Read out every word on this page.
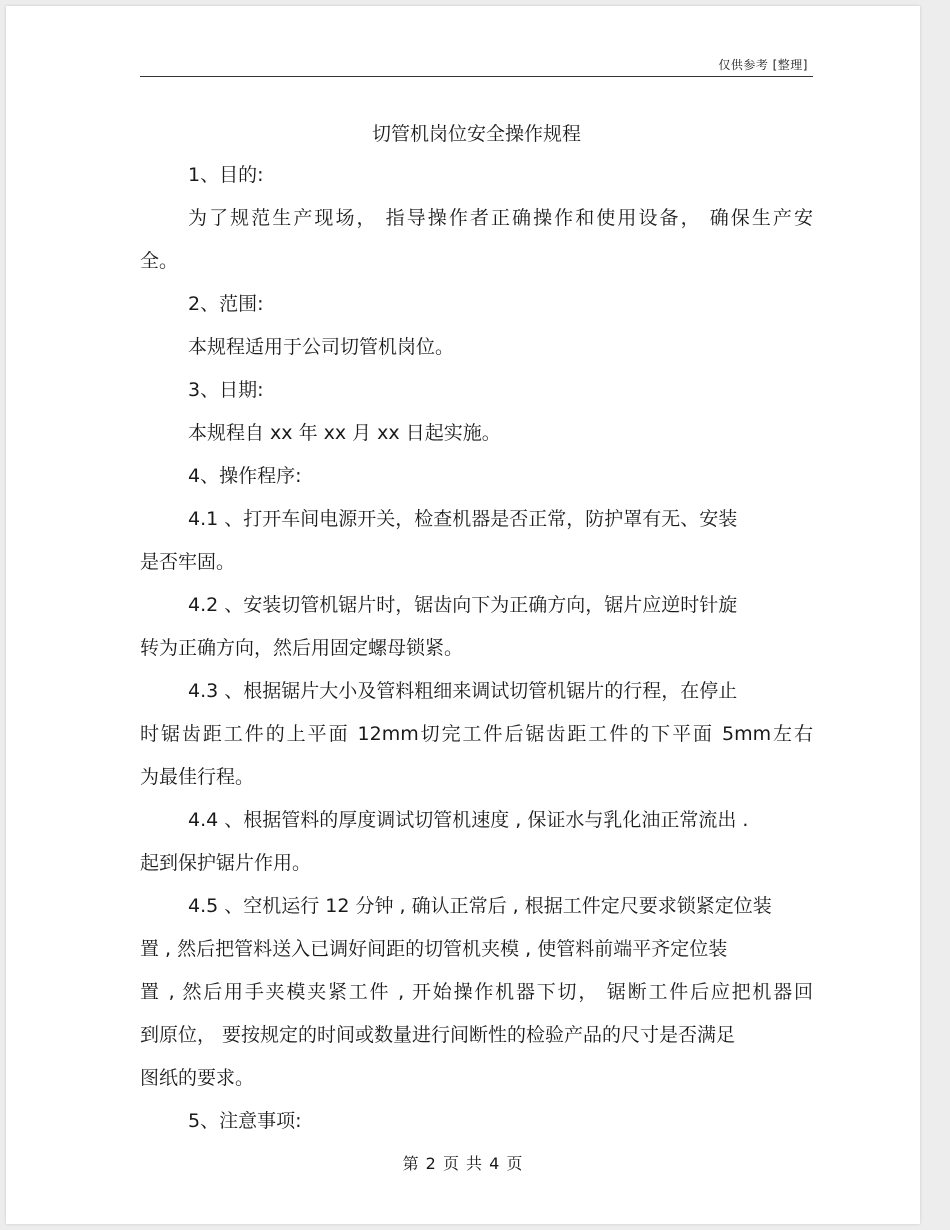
仅供参考 [整理]
切管机岗位安全操作规程

1、目的:

为了规范生产现场， 指导操作者正确操作和使用设备， 确保生产安

全。

2、范围:

本规程适用于公司切管机岗位。

3、日期:

本规程自 xx 年 xx 月 xx 日起实施。

4、操作程序:

4.1 、打开车间电源开关，检查机器是否正常，防护罩有无、安装

是否牢固。

4.2 、安装切管机锯片时，锯齿向下为正确方向，锯片应逆时针旋

转为正确方向，然后用固定螺母锁紧。

4.3 、根据锯片大小及管料粗细来调试切管机锯片的行程，在停止

时锯齿距工件的上平面 12mm切完工件后锯齿距工件的下平面 5mm左右

为最佳行程。

4.4 、根据管料的厚度调试切管机速度 , 保证水与乳化油正常流出 .

起到保护锯片作用。

4.5 、空机运行 12 分钟 , 确认正常后 , 根据工件定尺要求锁紧定位装

置 , 然后把管料送入已调好间距的切管机夹模 , 使管料前端平齐定位装

置 , 然后用手夹模夹紧工件 , 开始操作机器下切， 锯断工件后应把机器回

到原位， 要按规定的时间或数量进行间断性的检验产品的尺寸是否满足

图纸的要求。

5、注意事项:

第 2 页 共 4 页
